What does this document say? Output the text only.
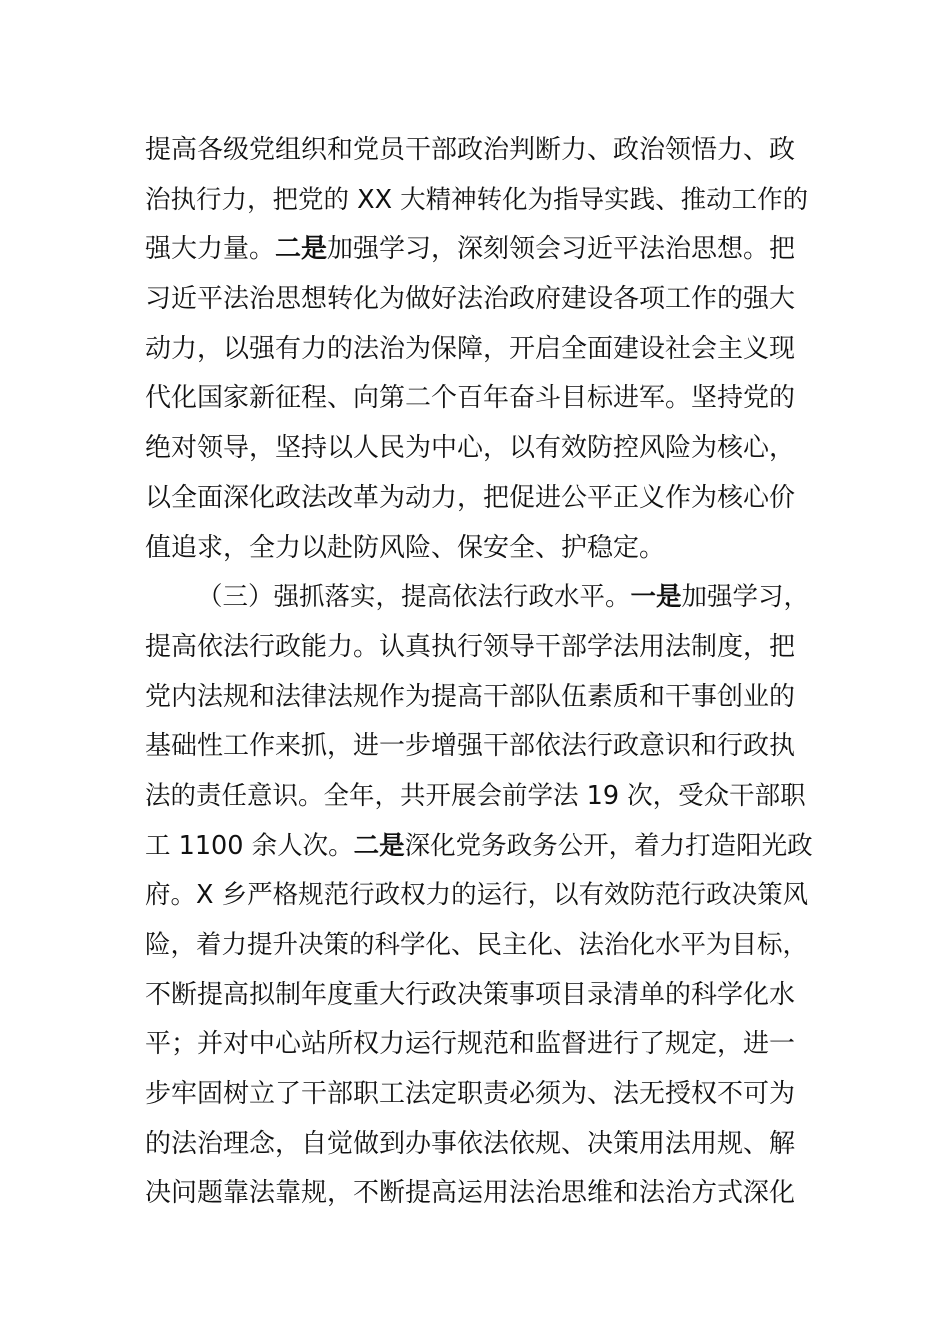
提高各级党组织和党员干部政治判断力、政治领悟力、政
治执行力，把党的 XX 大精神转化为指导实践、推动工作的
强大力量。二是加强学习，深刻领会习近平法治思想。把
习近平法治思想转化为做好法治政府建设各项工作的强大
动力，以强有力的法治为保障，开启全面建设社会主义现
代化国家新征程、向第二个百年奋斗目标进军。坚持党的
绝对领导，坚持以人民为中心，以有效防控风险为核心，
以全面深化政法改革为动力，把促进公平正义作为核心价
值追求，全力以赴防风险、保安全、护稳定。
（三）强抓落实，提高依法行政水平。一是加强学习，
提高依法行政能力。认真执行领导干部学法用法制度，把
党内法规和法律法规作为提高干部队伍素质和干事创业的
基础性工作来抓，进一步增强干部依法行政意识和行政执
法的责任意识。全年，共开展会前学法 19 次，受众干部职
工 1100 余人次。二是深化党务政务公开，着力打造阳光政
府。X 乡严格规范行政权力的运行，以有效防范行政决策风
险，着力提升决策的科学化、民主化、法治化水平为目标，
不断提高拟制年度重大行政决策事项目录清单的科学化水
平；并对中心站所权力运行规范和监督进行了规定，进一
步牢固树立了干部职工法定职责必须为、法无授权不可为
的法治理念，自觉做到办事依法依规、决策用法用规、解
决问题靠法靠规，不断提高运用法治思维和法治方式深化
